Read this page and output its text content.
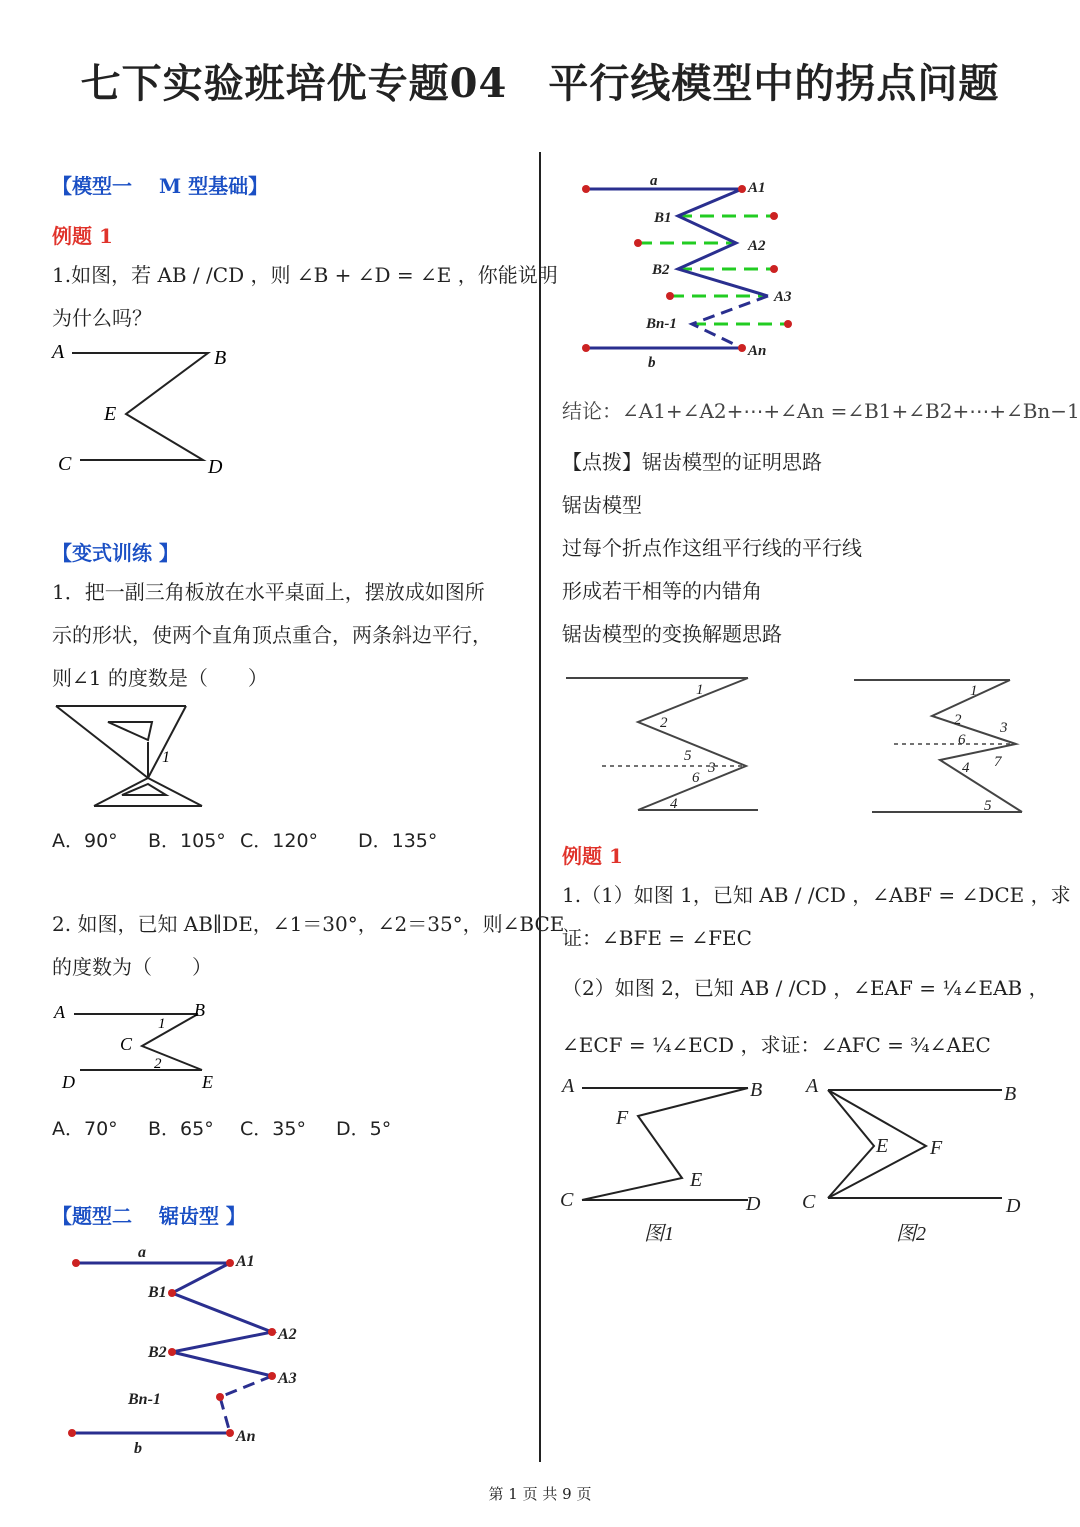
七下实验班培优专题04　平行线模型中的拐点问题
【模型一　 M 型基础】
例题 1
1.如图，若 AB / /CD ，则 ∠B + ∠D = ∠E ，你能说明
为什么吗？
A	B
E
C	D
【变式训练 】
1．把一副三角板放在水平桌面上，摆放成如图所
示的形状，使两个直角顶点重合，两条斜边平行，
则∠1 的度数是（　　）
1
A．90° B．105° C．120° D．135°
2. 如图，已知 AB∥DE，∠1＝30°，∠2＝35°，则∠BCE
的度数为（　　）
A	B
C
1
2
D	E
A．70° B．65° C．35° D．5°
【题型二　 锯齿型 】
a
A1
B1
B2
A2
A3
Bn-1
An
b
a	A1
B1
A2
B2
A3
Bn-1
An
b
结论：∠A1+∠A2+⋯+∠An =∠B1+∠B2+⋯+∠Bn−1
【点拨】锯齿模型的证明思路
锯齿模型
过每个折点作这组平行线的平行线
形成若干相等的内错角
锯齿模型的变换解题思路
1
2
5
6
3
4
1
2	3
6
7
4
5
例题 1
1.（1）如图 1，已知 AB / /CD ，∠ABF = ∠DCE ，求
证：∠BFE = ∠FEC
（2）如图 2，已知 AB / /CD ，∠EAF = ¼∠EAB ，
∠ECF = ¼∠ECD ，求证：∠AFC = ¾∠AEC
A	B
F
E
C	D
图1
A	B
E F
C	D
图2
第 1 页 共 9 页
